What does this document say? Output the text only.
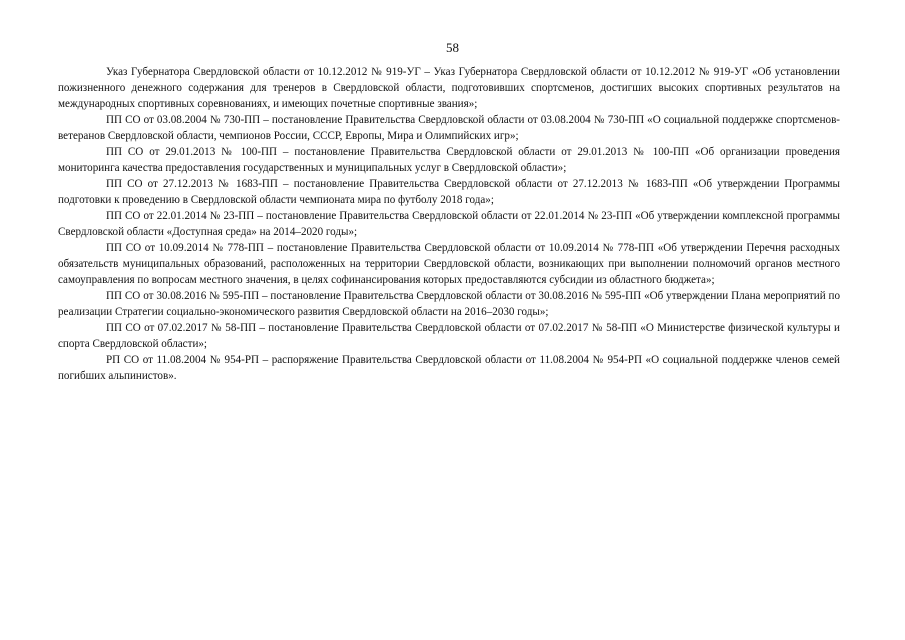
58

Указ Губернатора Свердловской области от 10.12.2012 № 919-УГ – Указ Губернатора Свердловской области от 10.12.2012 № 919-УГ «Об установлении пожизненного денежного содержания для тренеров в Свердловской области, подготовивших спортсменов, достигших высоких спортивных результатов на международных спортивных соревнованиях, и имеющих почетные спортивные звания»;

ПП СО от 03.08.2004 № 730-ПП – постановление Правительства Свердловской области от 03.08.2004 № 730-ПП «О социальной поддержке спортсменов-ветеранов Свердловской области, чемпионов России, СССР, Европы, Мира и Олимпийских игр»;

ПП СО от 29.01.2013 № 100-ПП – постановление Правительства Свердловской области от 29.01.2013 № 100-ПП «Об организации проведения мониторинга качества предоставления государственных и муниципальных услуг в Свердловской области»;

ПП СО от 27.12.2013 № 1683-ПП – постановление Правительства Свердловской области от 27.12.2013 № 1683-ПП «Об утверждении Программы подготовки к проведению в Свердловской области чемпионата мира по футболу 2018 года»;

ПП СО от 22.01.2014 № 23-ПП – постановление Правительства Свердловской области от 22.01.2014 № 23-ПП «Об утверждении комплексной программы Свердловской области «Доступная среда» на 2014–2020 годы»;

ПП СО от 10.09.2014 № 778-ПП – постановление Правительства Свердловской области от 10.09.2014 № 778-ПП «Об утверждении Перечня расходных обязательств муниципальных образований, расположенных на территории Свердловской области, возникающих при выполнении полномочий органов местного самоуправления по вопросам местного значения, в целях софинансирования которых предоставляются субсидии из областного бюджета»;

ПП СО от 30.08.2016 № 595-ПП – постановление Правительства Свердловской области от 30.08.2016 № 595-ПП «Об утверждении Плана мероприятий по реализации Стратегии социально-экономического развития Свердловской области на 2016–2030 годы»;

ПП СО от 07.02.2017 № 58-ПП – постановление Правительства Свердловской области от 07.02.2017 № 58-ПП «О Министерстве физической культуры и спорта Свердловской области»;

РП СО от 11.08.2004 № 954-РП – распоряжение Правительства Свердловской области от 11.08.2004 № 954-РП «О социальной поддержке членов семей погибших альпинистов».
